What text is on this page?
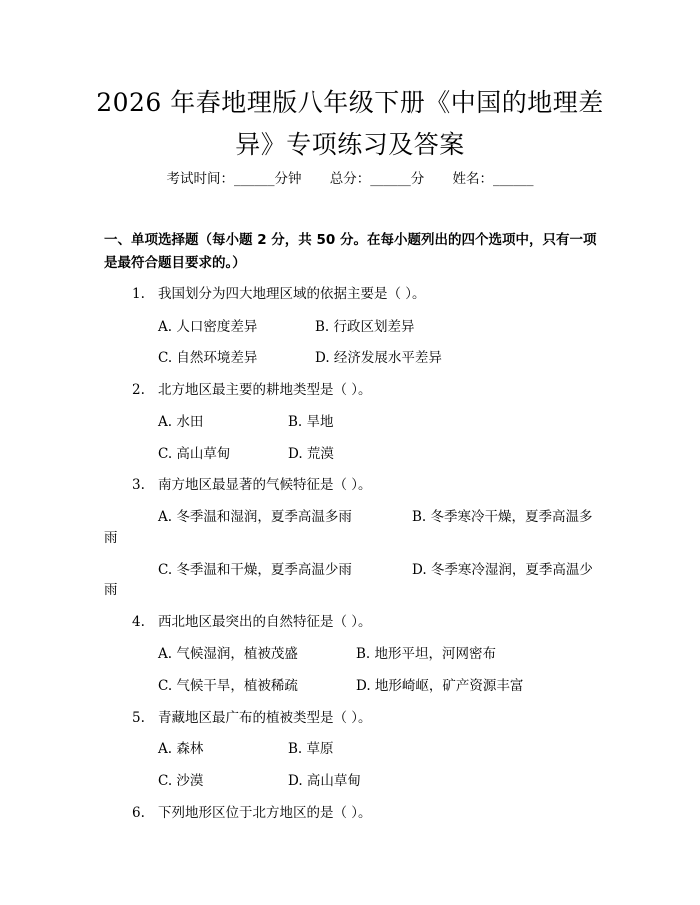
2026 年春地理版八年级下册《中国的地理差
异》专项练习及答案
考试时间：______分钟 总分：______分 姓名：______
一、单项选择题（每小题 2 分，共 50 分。在每小题列出的四个选项中，只有一项是最符合题目要求的。）
1. 我国划分为四大地理区域的依据主要是（ ）。
A. 人口密度差异	B. 行政区划差异
C. 自然环境差异	D. 经济发展水平差异
2. 北方地区最主要的耕地类型是（ ）。
A. 水田	B. 旱地
C. 高山草甸	D. 荒漠
3. 南方地区最显著的气候特征是（ ）。
A. 冬季温和湿润，夏季高温多雨	B. 冬季寒冷干燥，夏季高温多
雨
C. 冬季温和干燥，夏季高温少雨	D. 冬季寒冷湿润，夏季高温少
雨
4. 西北地区最突出的自然特征是（ ）。
A. 气候湿润，植被茂盛	B. 地形平坦，河网密布
C. 气候干旱，植被稀疏	D. 地形崎岖，矿产资源丰富
5. 青藏地区最广布的植被类型是（ ）。
A. 森林	B. 草原
C. 沙漠	D. 高山草甸
6. 下列地形区位于北方地区的是（ ）。
